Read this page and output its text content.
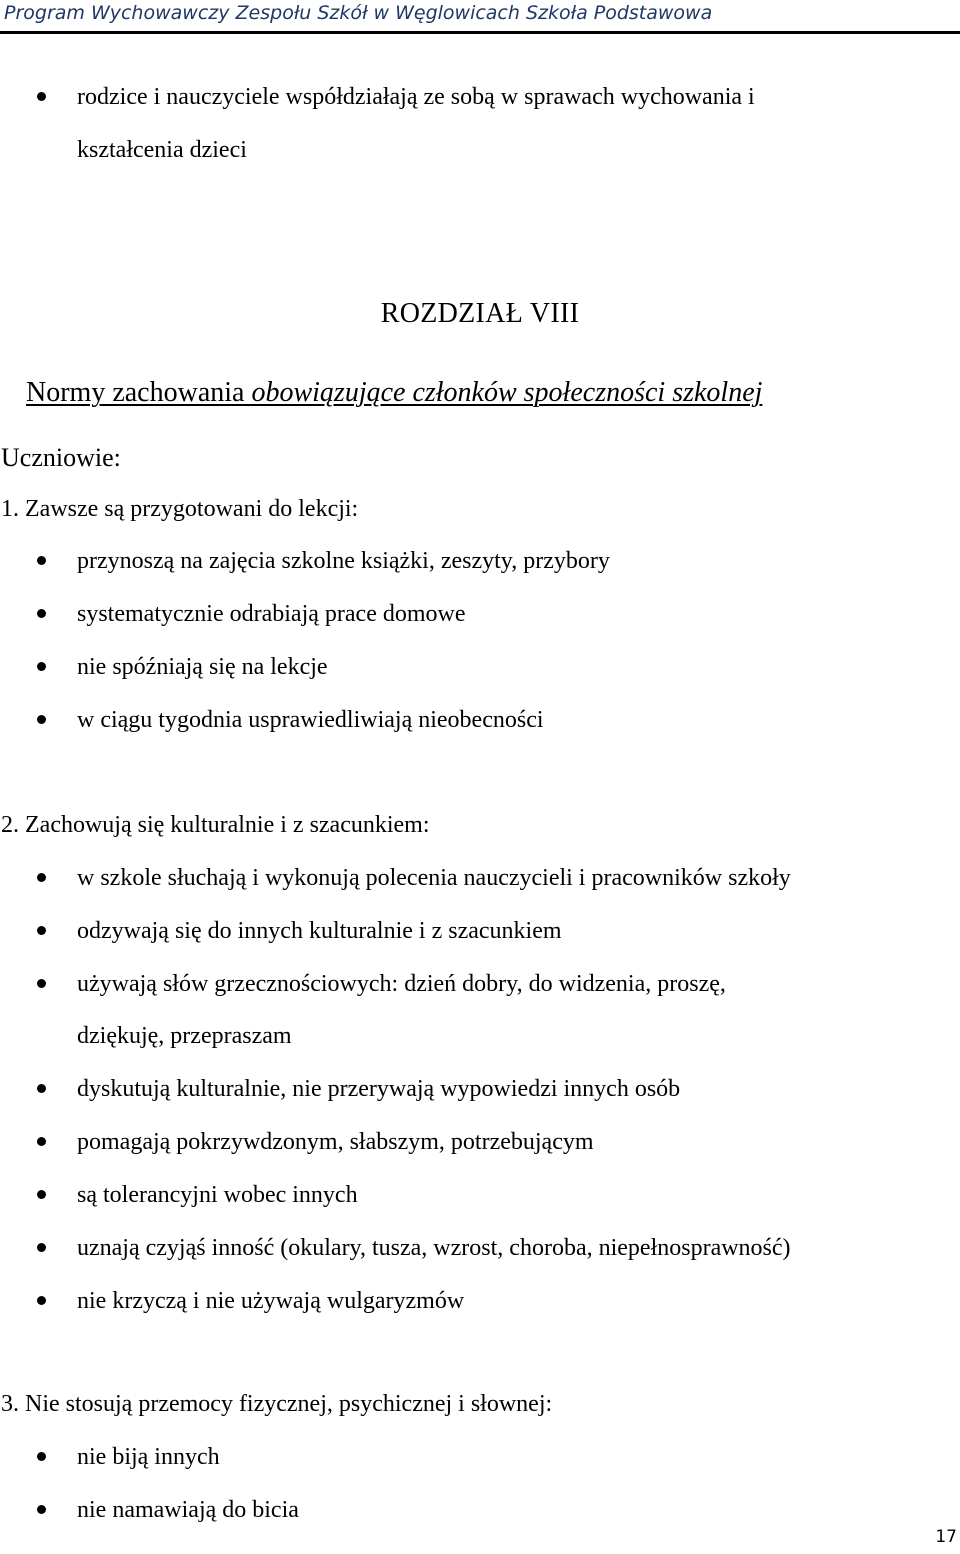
Program Wychowawczy Zespołu Szkół w Węglowicach Szkoła Podstawowa
rodzice i nauczyciele współdziałają ze sobą w sprawach wychowania i
kształcenia dzieci
ROZDZIAŁ VIII
Normy zachowania obowiązujące członków społeczności szkolnej
Uczniowie:
1. Zawsze są przygotowani do lekcji:
przynoszą na zajęcia szkolne książki, zeszyty, przybory
systematycznie odrabiają prace domowe
nie spóźniają się na lekcje
w ciągu tygodnia usprawiedliwiają nieobecności
2. Zachowują się kulturalnie i z szacunkiem:
w szkole słuchają i wykonują polecenia nauczycieli i pracowników szkoły
odzywają się do innych kulturalnie i z szacunkiem
używają słów grzecznościowych: dzień dobry, do widzenia, proszę,
dziękuję, przepraszam
dyskutują kulturalnie, nie przerywają wypowiedzi innych osób
pomagają pokrzywdzonym, słabszym, potrzebującym
są tolerancyjni wobec innych
uznają czyjąś inność (okulary, tusza, wzrost, choroba, niepełnosprawność)
nie krzyczą i nie używają wulgaryzmów
3. Nie stosują przemocy fizycznej, psychicznej i słownej:
nie biją innych
nie namawiają do bicia
17
